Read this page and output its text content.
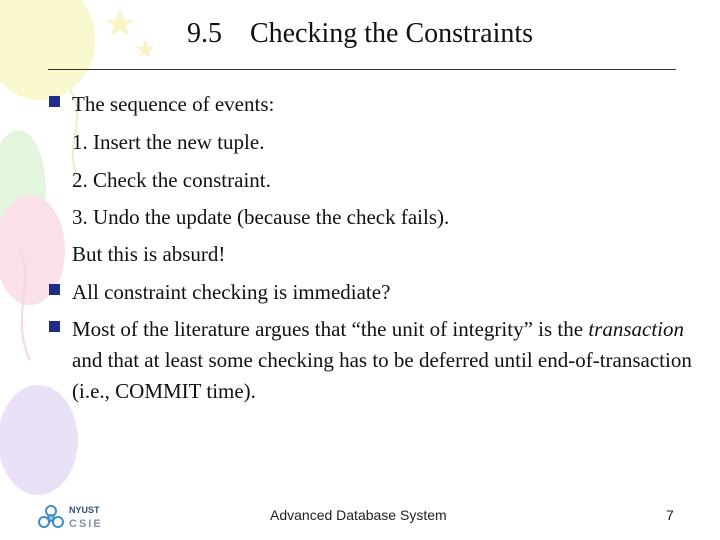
9.5    Checking the Constraints
The sequence of events:
1. Insert the new tuple.
2. Check the constraint.
3. Undo the update (because the check fails).
But this is absurd!
All constraint checking is immediate?
Most of the literature argues that “the unit of integrity” is the transaction and that at least some checking has to be deferred until end-of-transaction (i.e., COMMIT time).
NYUST
CSIE
Advanced Database System	7
